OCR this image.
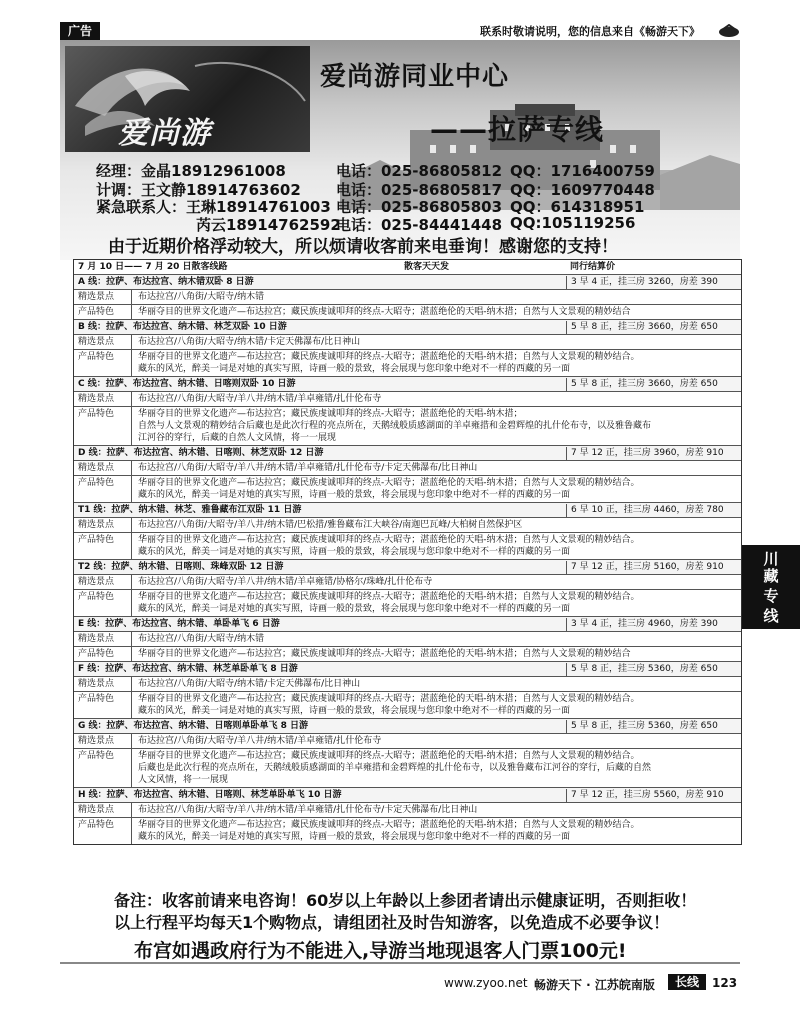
广告	联系时敬请说明，您的信息来自《畅游天下》
爱尚游
爱尚游同业中心
——拉萨专线
经理：金晶18912961008	电话：025-86805812 QQ：1716400759
计调：王文静18914763602 电话：025-86805817 QQ：1609770448
紧急联系人：王琳18914761003 电话：025-86805803 QQ：614318951
芮云18914762592
电话：025-84441448 QQ:105119256
由于近期价格浮动较大，所以烦请收客前来电垂询！感谢您的支持！
7 月 10 日—— 7 月 20 日散客线路	散客天天发	同行结算价
A 线：拉萨、布达拉宫、纳木错双卧 8 日游	3 早 4 正，挂三房 3260，房差 390
精选景点	布达拉宫/八角街/大昭寺/纳木错
产品特色	华丽夺目的世界文化遗产—布达拉宫；藏民族虔诚叩拜的终点-大昭寺；湛蓝绝伦的天唱-纳木措；自然与人文景观的精妙结合
B 线：拉萨、布达拉宫、纳木错、林芝双卧 10 日游	5 早 8 正，挂三房 3660，房差 650
精选景点	布达拉宫/八角街/大昭寺/纳木错/卡定天佛瀑布/比日神山
产品特色	华丽夺目的世界文化遗产—布达拉宫；藏民族虔诚叩拜的终点-大昭寺；湛蓝绝伦的天唱-纳木措；自然与人文景观的精妙结合。
藏东的风光，醉美一词是对她的真实写照，诗画一般的景致，将会展现与您印象中绝对不一样的西藏的另一面
C 线：拉萨、布达拉宫、纳木错、日喀则双卧 10 日游	5 早 8 正，挂三房 3660，房差 650
精选景点	布达拉宫/八角街/大昭寺/羊八井/纳木错/羊卓雍错/扎什伦布寺
产品特色	华丽夺目的世界文化遗产—布达拉宫；藏民族虔诚叩拜的终点-大昭寺；湛蓝绝伦的天唱-纳木措；
自然与人文景观的精妙结合后藏也是此次行程的亮点所在，天鹅绒般质感湖面的羊卓雍措和金碧辉煌的扎什伦布寺，以及雅鲁藏布
江河谷的穿行，后藏的自然人文风情，将一一展现
D 线：拉萨、布达拉宫、纳木错、日喀则、林芝双卧 12 日游	7 早 12 正，挂三房 3960，房差 910
精选景点	布达拉宫/八角街/大昭寺/羊八井/纳木错/羊卓雍错/扎什伦布寺/卡定天佛瀑布/比日神山
产品特色	华丽夺目的世界文化遗产—布达拉宫；藏民族虔诚叩拜的终点-大昭寺；湛蓝绝伦的天唱-纳木措；自然与人文景观的精妙结合。
藏东的风光，醉美一词是对她的真实写照，诗画一般的景致，将会展现与您印象中绝对不一样的西藏的另一面
T1 线：拉萨、纳木错、林芝、雅鲁藏布江双卧 11 日游	6 早 10 正，挂三房 4460，房差 780
精选景点	布达拉宫/八角街/大昭寺/羊八井/纳木错/巴松措/雅鲁藏布江大峡谷/南迦巴瓦峰/大柏树自然保护区
产品特色	华丽夺目的世界文化遗产—布达拉宫；藏民族虔诚叩拜的终点-大昭寺；湛蓝绝伦的天唱-纳木措；自然与人文景观的精妙结合。
藏东的风光，醉美一词是对她的真实写照，诗画一般的景致，将会展现与您印象中绝对不一样的西藏的另一面
T2 线：拉萨、纳木错、日喀则、珠峰双卧 12 日游	7 早 12 正，挂三房 5160，房差 910
精选景点	布达拉宫/八角街/大昭寺/羊八井/纳木错/羊卓雍错/协格尔/珠峰/扎什伦布寺
产品特色	华丽夺目的世界文化遗产—布达拉宫；藏民族虔诚叩拜的终点-大昭寺；湛蓝绝伦的天唱-纳木措；自然与人文景观的精妙结合。
藏东的风光，醉美一词是对她的真实写照，诗画一般的景致，将会展现与您印象中绝对不一样的西藏的另一面
E 线：拉萨、布达拉宫、纳木错、单卧单飞 6 日游	3 早 4 正，挂三房 4960，房差 390
精选景点	布达拉宫/八角街/大昭寺/纳木错
产品特色	华丽夺目的世界文化遗产—布达拉宫；藏民族虔诚叩拜的终点-大昭寺；湛蓝绝伦的天唱-纳木措；自然与人文景观的精妙结合
F 线：拉萨、布达拉宫、纳木错、林芝单卧单飞 8 日游	5 早 8 正，挂三房 5360，房差 650
精选景点	布达拉宫/八角街/大昭寺/纳木错/卡定天佛瀑布/比日神山
产品特色	华丽夺目的世界文化遗产—布达拉宫；藏民族虔诚叩拜的终点-大昭寺；湛蓝绝伦的天唱-纳木措；自然与人文景观的精妙结合。
藏东的风光，醉美一词是对她的真实写照，诗画一般的景致，将会展现与您印象中绝对不一样的西藏的另一面
G 线：拉萨、布达拉宫、纳木错、日喀则单卧单飞 8 日游	5 早 8 正，挂三房 5360，房差 650
精选景点	布达拉宫/八角街/大昭寺/羊八井/纳木错/羊卓雍错/扎什伦布寺
产品特色	华丽夺目的世界文化遗产—布达拉宫；藏民族虔诚叩拜的终点-大昭寺；湛蓝绝伦的天唱-纳木措；自然与人文景观的精妙结合。
后藏也是此次行程的亮点所在，天鹅绒般质感湖面的羊卓雍措和金碧辉煌的扎什伦布寺，以及雅鲁藏布江河谷的穿行，后藏的自然
人文风情，将一一展现
H 线：拉萨、布达拉宫、纳木错、日喀则、林芝单卧单飞 10 日游	7 早 12 正，挂三房 5560，房差 910
精选景点	布达拉宫/八角街/大昭寺/羊八井/纳木错/羊卓雍错/扎什伦布寺/卡定天佛瀑布/比日神山
产品特色	华丽夺目的世界文化遗产—布达拉宫；藏民族虔诚叩拜的终点-大昭寺；湛蓝绝伦的天唱-纳木措；自然与人文景观的精妙结合。
藏东的风光，醉美一词是对她的真实写照，诗画一般的景致，将会展现与您印象中绝对不一样的西藏的另一面
川
藏
专
线
备注：收客前请来电咨询！60岁以上年龄以上参团者请出示健康证明，否则拒收！
以上行程平均每天1个购物点，请组团社及时告知游客，以免造成不必要争议！
布宫如遇政府行为不能进入,导游当地现退客人门票100元!
www.zyoo.net 畅游天下 · 江苏皖南版	长线	123
